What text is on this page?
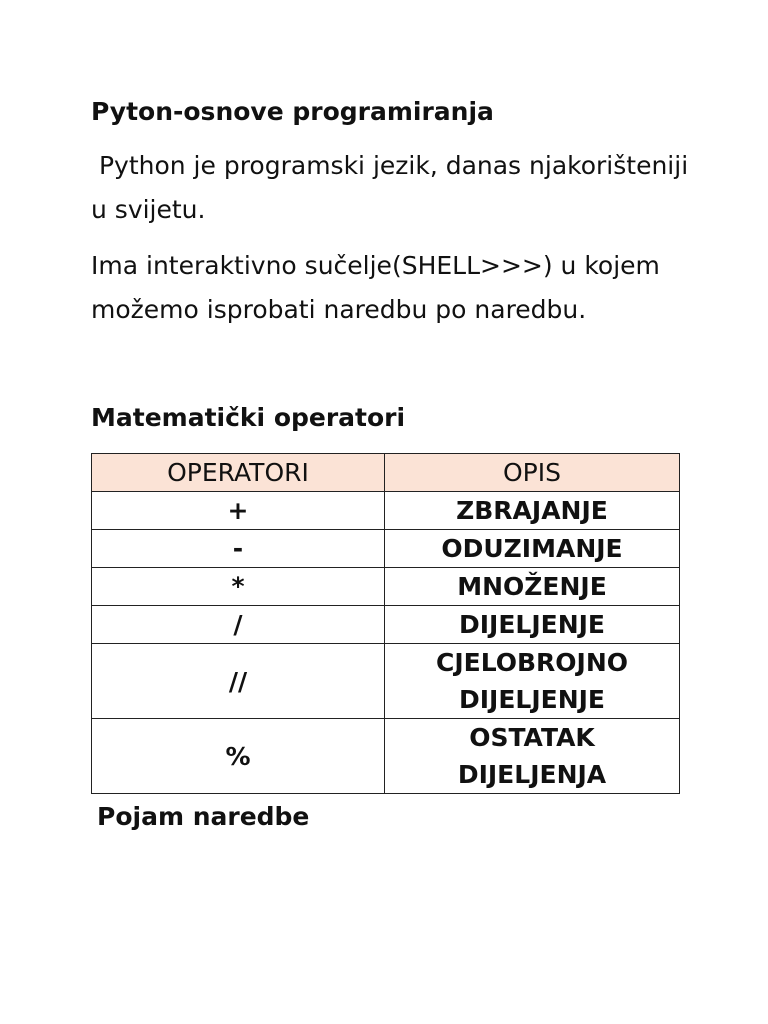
Pyton-osnove programiranja

Python je programski jezik, danas njakorišteniji u svijetu.

Ima interaktivno sučelje(SHELL>>>) u kojem možemo isprobati naredbu po naredbu.

Matematički operatori
OPERATORI	OPIS
+	ZBRAJANJE
-	ODUZIMANJE
*	MNOŽENJE
/	DIJELJENJE
//	CJELOBROJNO DIJELJENJE
%	OSTATAK DIJELJENJA
Pojam naredbe
